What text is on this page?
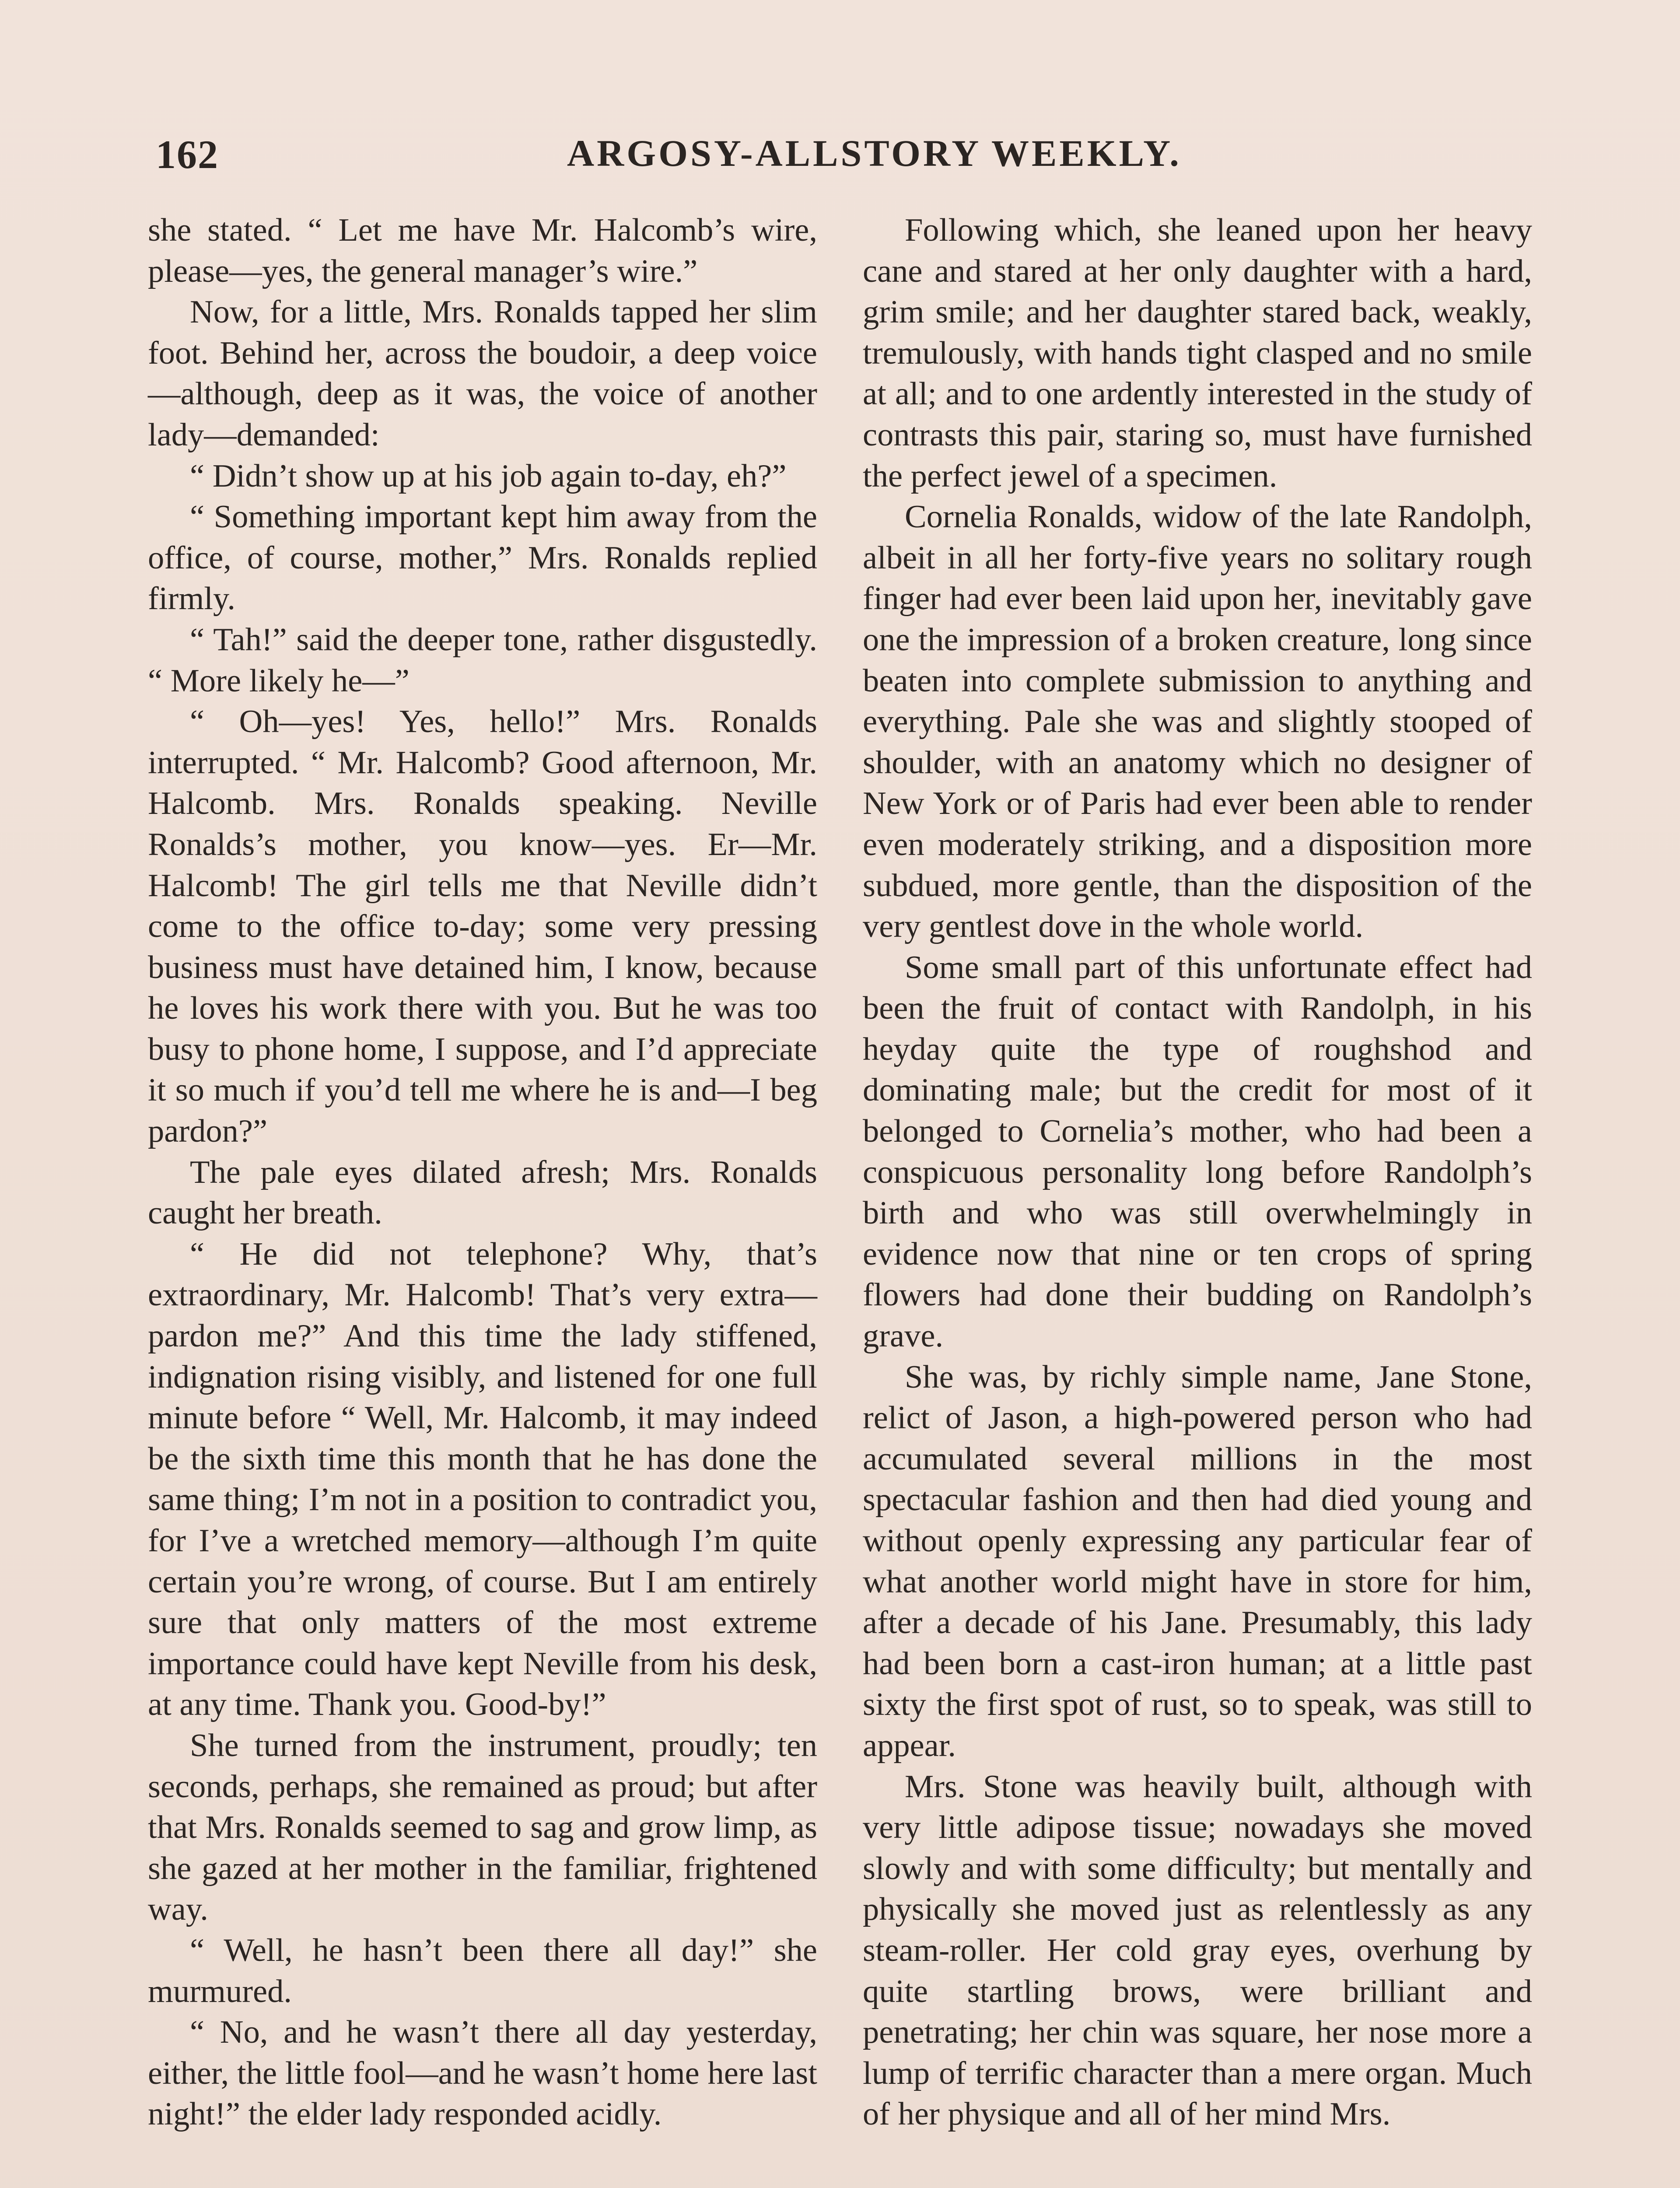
162	ARGOSY-ALLSTORY WEEKLY.

she stated. “ Let me have Mr. Halcomb’s wire, please—yes, the general manager’s wire.”

Now, for a little, Mrs. Ronalds tapped her slim foot. Behind her, across the boudoir, a deep voice—although, deep as it was, the voice of another lady—demanded:

“ Didn’t show up at his job again to-day, eh?”

“ Something important kept him away from the office, of course, mother,” Mrs. Ronalds replied firmly.

“ Tah!” said the deeper tone, rather disgustedly. “ More likely he—”

“ Oh—yes! Yes, hello!” Mrs. Ronalds interrupted. “ Mr. Halcomb? Good afternoon, Mr. Halcomb. Mrs. Ronalds speaking. Neville Ronalds’s mother, you know—yes. Er—Mr. Halcomb! The girl tells me that Neville didn’t come to the office to-day; some very pressing business must have detained him, I know, because he loves his work there with you. But he was too busy to phone home, I suppose, and I’d appreciate it so much if you’d tell me where he is and—I beg pardon?”

The pale eyes dilated afresh; Mrs. Ronalds caught her breath.

“ He did not telephone? Why, that’s extraordinary, Mr. Halcomb! That’s very extra—pardon me?” And this time the lady stiffened, indignation rising visibly, and listened for one full minute before “ Well, Mr. Halcomb, it may indeed be the sixth time this month that he has done the same thing; I’m not in a position to contradict you, for I’ve a wretched memory—although I’m quite certain you’re wrong, of course. But I am entirely sure that only matters of the most extreme importance could have kept Neville from his desk, at any time. Thank you. Good-by!”

She turned from the instrument, proudly; ten seconds, perhaps, she remained as proud; but after that Mrs. Ronalds seemed to sag and grow limp, as she gazed at her mother in the familiar, frightened way.

“ Well, he hasn’t been there all day!” she murmured.

“ No, and he wasn’t there all day yesterday, either, the little fool—and he wasn’t home here last night!” the elder lady responded acidly.

Following which, she leaned upon her heavy cane and stared at her only daughter with a hard, grim smile; and her daughter stared back, weakly, tremulously, with hands tight clasped and no smile at all; and to one ardently interested in the study of contrasts this pair, staring so, must have furnished the perfect jewel of a specimen.

Cornelia Ronalds, widow of the late Randolph, albeit in all her forty-five years no solitary rough finger had ever been laid upon her, inevitably gave one the impression of a broken creature, long since beaten into complete submission to anything and everything. Pale she was and slightly stooped of shoulder, with an anatomy which no designer of New York or of Paris had ever been able to render even moderately striking, and a disposition more subdued, more gentle, than the disposition of the very gentlest dove in the whole world.

Some small part of this unfortunate effect had been the fruit of contact with Randolph, in his heyday quite the type of roughshod and dominating male; but the credit for most of it belonged to Cornelia’s mother, who had been a conspicuous personality long before Randolph’s birth and who was still overwhelmingly in evidence now that nine or ten crops of spring flowers had done their budding on Randolph’s grave.

She was, by richly simple name, Jane Stone, relict of Jason, a high-powered person who had accumulated several millions in the most spectacular fashion and then had died young and without openly expressing any particular fear of what another world might have in store for him, after a decade of his Jane. Presumably, this lady had been born a cast-iron human; at a little past sixty the first spot of rust, so to speak, was still to appear.

Mrs. Stone was heavily built, although with very little adipose tissue; nowadays she moved slowly and with some difficulty; but mentally and physically she moved just as relentlessly as any steam-roller. Her cold gray eyes, overhung by quite startling brows, were brilliant and penetrating; her chin was square, her nose more a lump of terrific character than a mere organ. Much of her physique and all of her mind Mrs.
